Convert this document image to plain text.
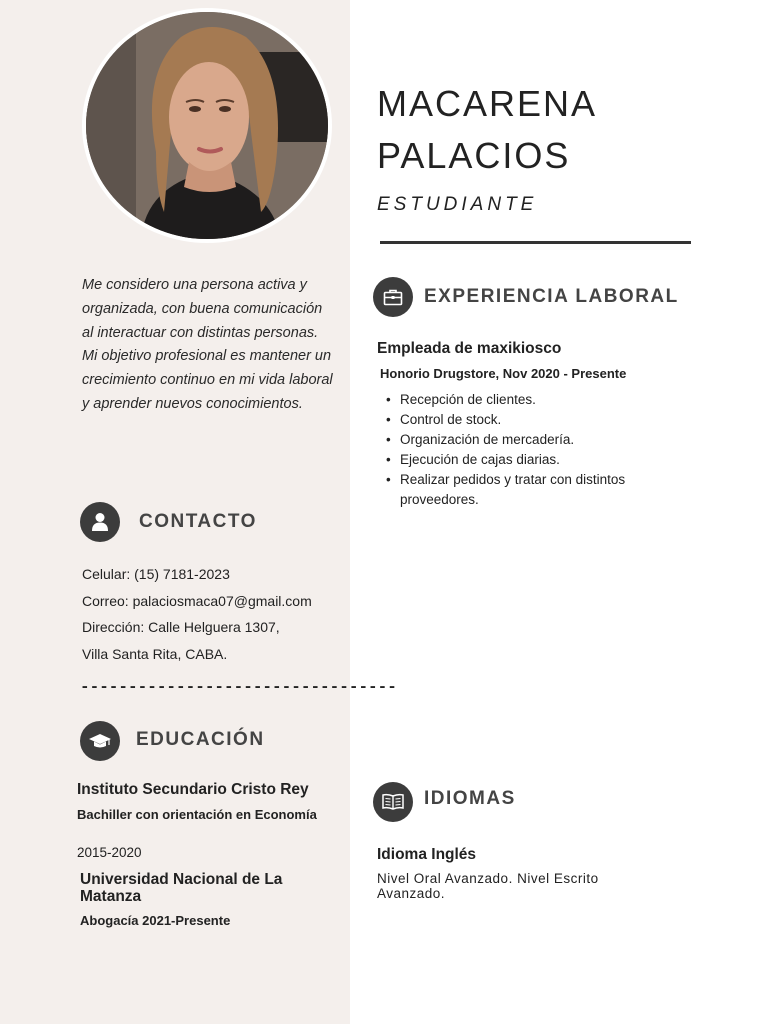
MACARENA
PALACIOS
ESTUDIANTE
Me considero una persona activa y organizada, con buena comunicación al interactuar con distintas personas. Mi objetivo profesional es mantener un crecimiento continuo en mi vida laboral y aprender nuevos conocimientos.
EXPERIENCIA LABORAL
Empleada de maxikiosco
Honorio Drugstore, Nov 2020 - Presente
• Recepción de clientes.
• Control de stock.
• Organización de mercadería.
• Ejecución de cajas diarias.
• Realizar pedidos y tratar con distintos proveedores.
CONTACTO
Celular: (15) 7181-2023
Correo: palaciosmaca07@gmail.com
Dirección: Calle Helguera 1307,
Villa Santa Rita, CABA.
---------------------------------
EDUCACIÓN
Instituto Secundario Cristo Rey
Bachiller con orientación en Economía
2015-2020
Universidad Nacional de La Matanza
Abogacía 2021-Presente
IDIOMAS
Idioma Inglés
Nivel Oral Avanzado. Nivel Escrito Avanzado.
